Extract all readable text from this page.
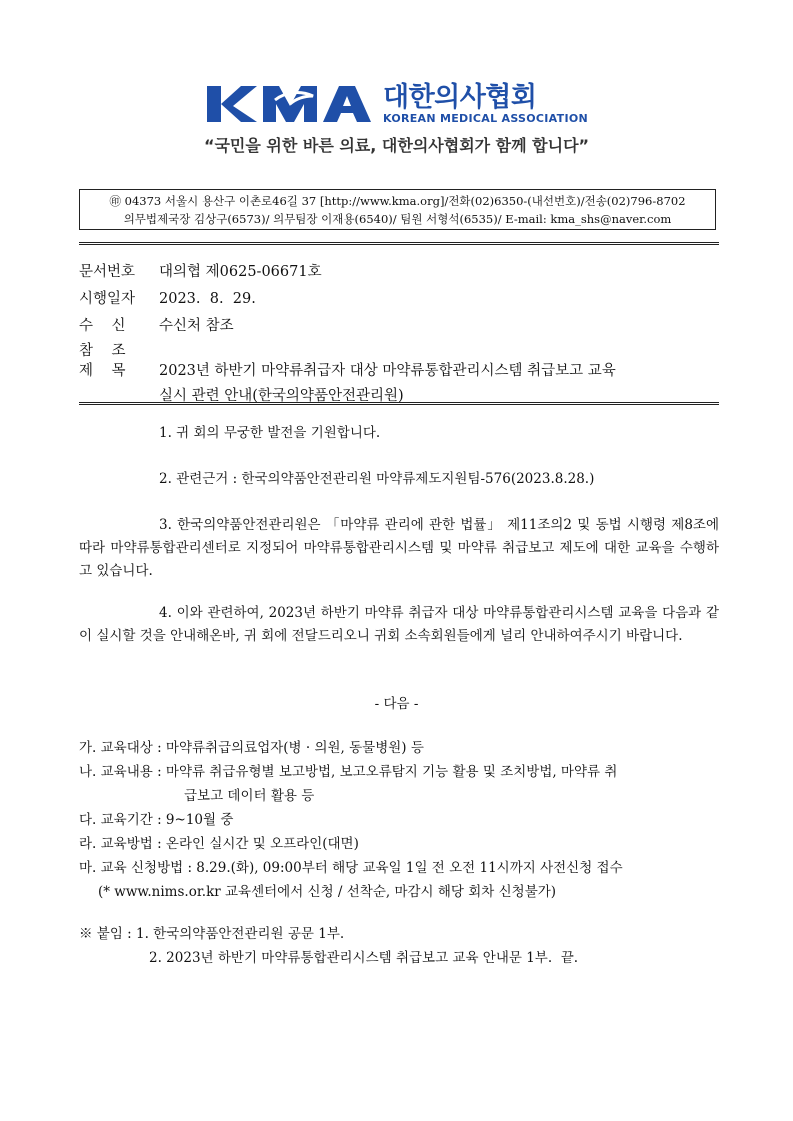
대한의사협회
KOREAN MEDICAL ASSOCIATION
“국민을 위한 바른 의료, 대한의사협회가 함께 합니다”
㊞ 04373 서울시 용산구 이촌로46길 37 [http://www.kma.org]/전화(02)6350-(내선번호)/전송(02)796-8702
의무법제국장 김상구(6573)/ 의무팀장 이재용(6540)/ 팀원 서형석(6535)/ E-mail: kma_shs@naver.com
문서번호 대의협 제0625-06671호
시행일자 2023.  8.  29.
수    신 수신처 참조
참    조
제    목 2023년 하반기 마약류취급자 대상 마약류통합관리시스템 취급보고 교육
실시 관련 안내(한국의약품안전관리원)
1. 귀 회의 무궁한 발전을 기원합니다.
2. 관련근거 : 한국의약품안전관리원 마약류제도지원팀-576(2023.8.28.)
3. 한국의약품안전관리원은 「마약류 관리에 관한 법률」 제11조의2 및 동법 시행령 제8조에 따라 마약류통합관리센터로 지정되어 마약류통합관리시스템 및 마약류 취급보고 제도에 대한 교육을 수행하고 있습니다.
4. 이와 관련하여, 2023년 하반기 마약류 취급자 대상 마약류통합관리시스템 교육을 다음과 같이 실시할 것을 안내해온바, 귀 회에 전달드리오니 귀회 소속회원들에게 널리 안내하여주시기 바랍니다.
- 다음 -
가. 교육대상 : 마약류취급의료업자(병 · 의원, 동물병원) 등
나. 교육내용 : 마약류 취급유형별 보고방법, 보고오류탐지 기능 활용 및 조치방법, 마약류 취
급보고 데이터 활용 등
다. 교육기간 : 9~10월 중
라. 교육방법 : 온라인 실시간 및 오프라인(대면)
마. 교육 신청방법 : 8.29.(화), 09:00부터 해당 교육일 1일 전 오전 11시까지 사전신청 접수
(* www.nims.or.kr 교육센터에서 신청 / 선착순, 마감시 해당 회차 신청불가)
※ 붙임 : 1. 한국의약품안전관리원 공문 1부.
2. 2023년 하반기 마약류통합관리시스템 취급보고 교육 안내문 1부.  끝.
